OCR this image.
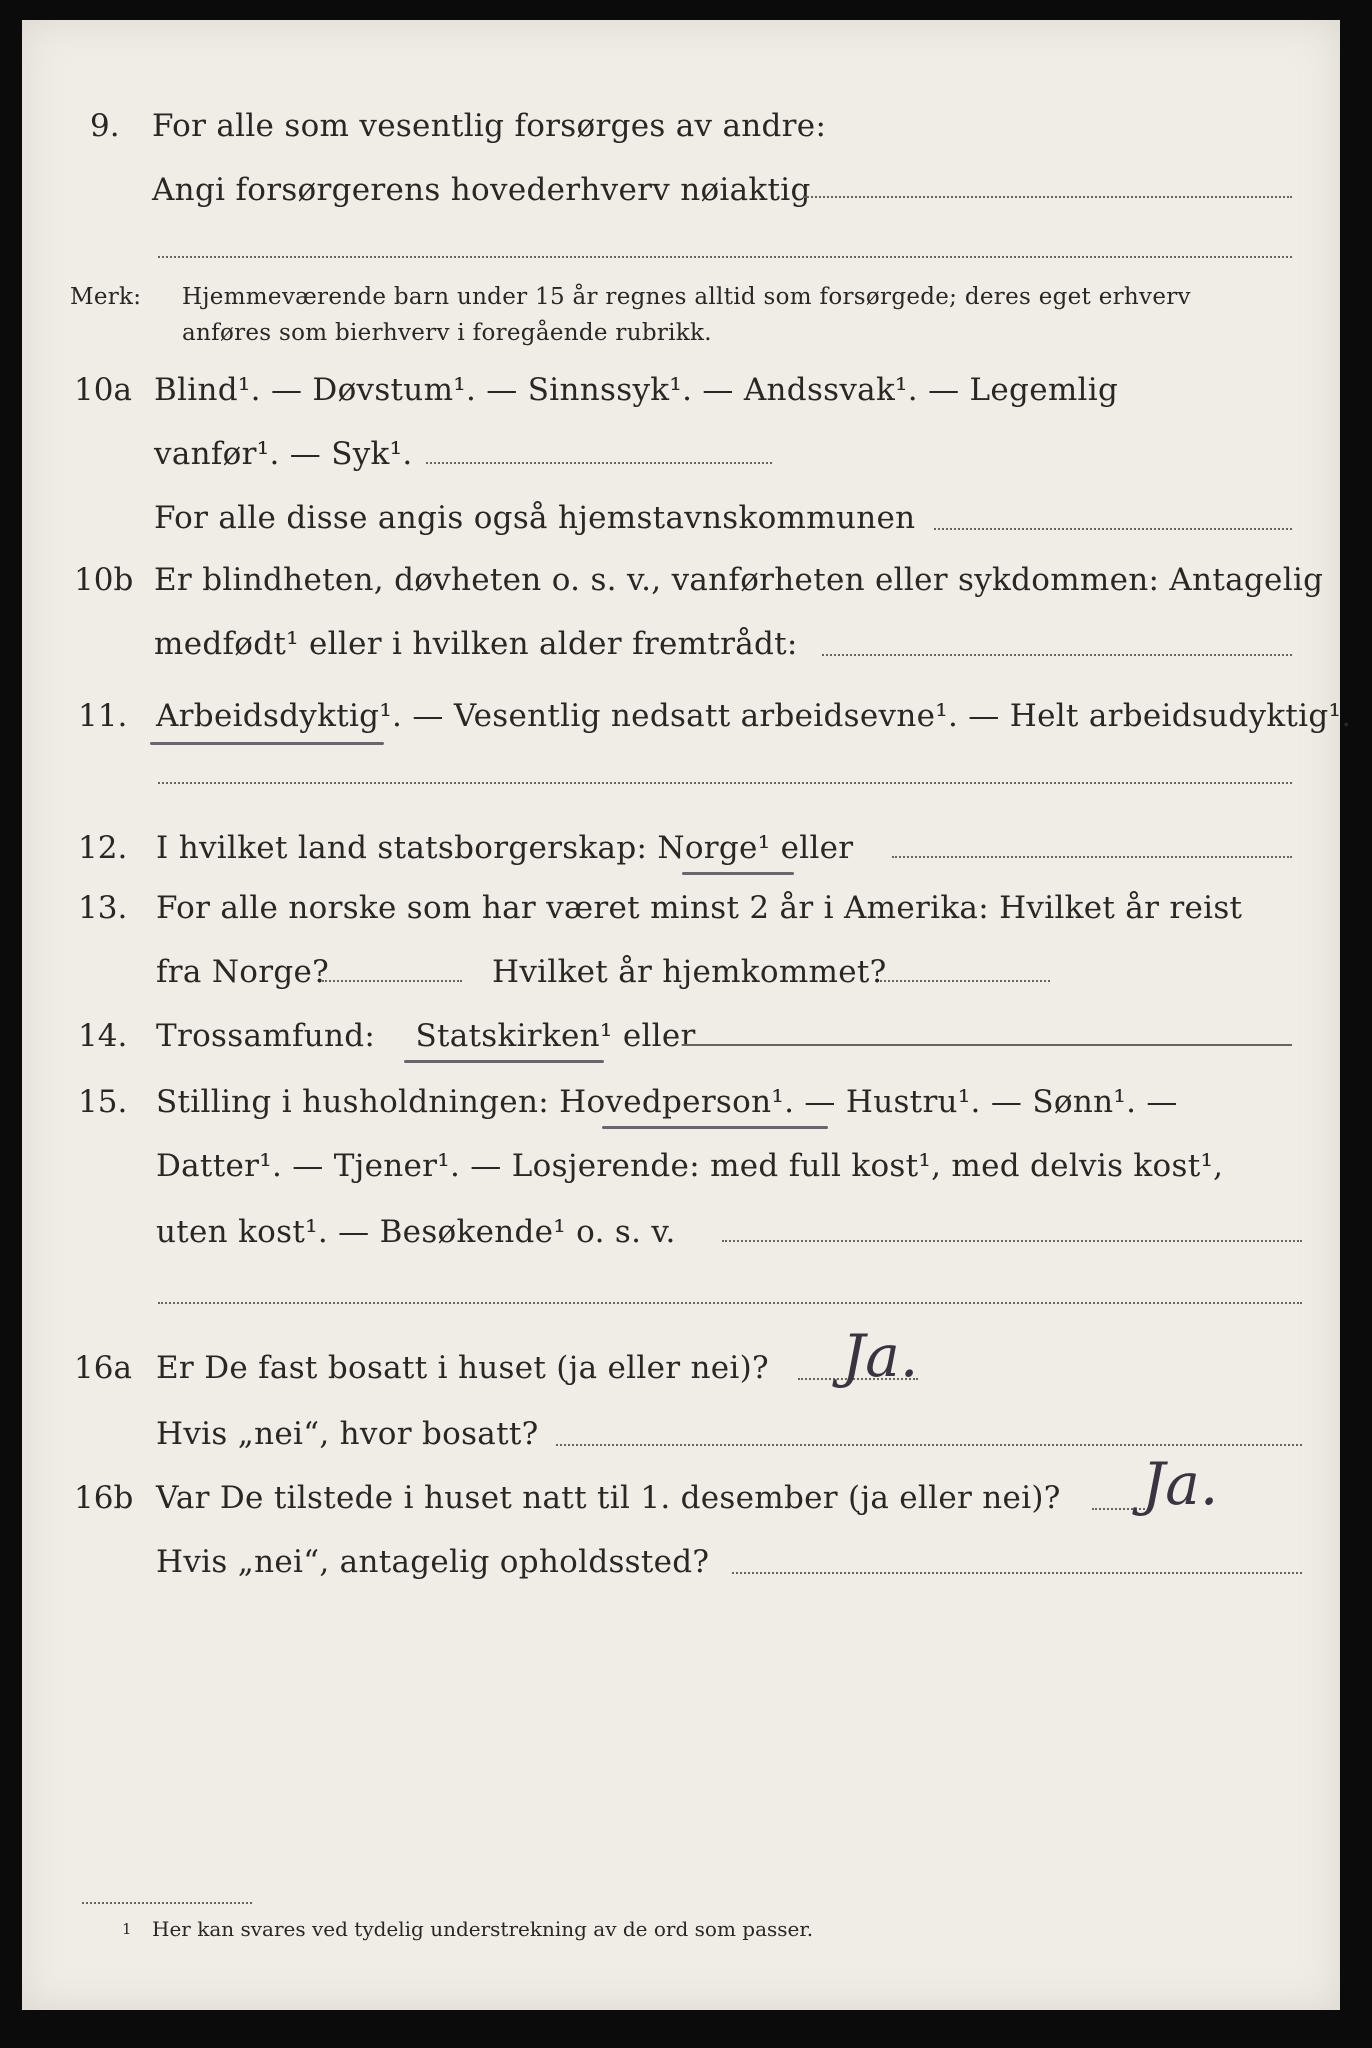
9. For alle som vesentlig forsørges av andre:
Angi forsørgerens hovederhverv nøiaktig
Merk: Hjemmeværende barn under 15 år regnes alltid som forsørgede; deres eget erhverv
anføres som bierhverv i foregående rubrikk.
10a Blind¹. — Døvstum¹. — Sinnssyk¹. — Andssvak¹. — Legemlig
vanfør¹. — Syk¹.
For alle disse angis også hjemstavnskommunen
10b Er blindheten, døvheten o. s. v., vanførheten eller sykdommen: Antagelig
medfødt¹ eller i hvilken alder fremtrådt:
11. Arbeidsdyktig¹. — Vesentlig nedsatt arbeidsevne¹. — Helt arbeidsudyktig¹.
12. I hvilket land statsborgerskap: Norge¹ eller
13. For alle norske som har været minst 2 år i Amerika: Hvilket år reist
fra Norge?	Hvilket år hjemkommet?
14. Trossamfund: Statskirken¹ eller
15. Stilling i husholdningen: Hovedperson¹. — Hustru¹. — Sønn¹. —
Datter¹. — Tjener¹. — Losjerende: med full kost¹, med delvis kost¹,
uten kost¹. — Besøkende¹ o. s. v.
16a Er De fast bosatt i huset (ja eller nei)? Ja.
Hvis „nei“, hvor bosatt?
16b Var De tilstede i huset natt til 1. desember (ja eller nei)? Ja.
Hvis „nei“, antagelig opholdssted?
1 Her kan svares ved tydelig understrekning av de ord som passer.
